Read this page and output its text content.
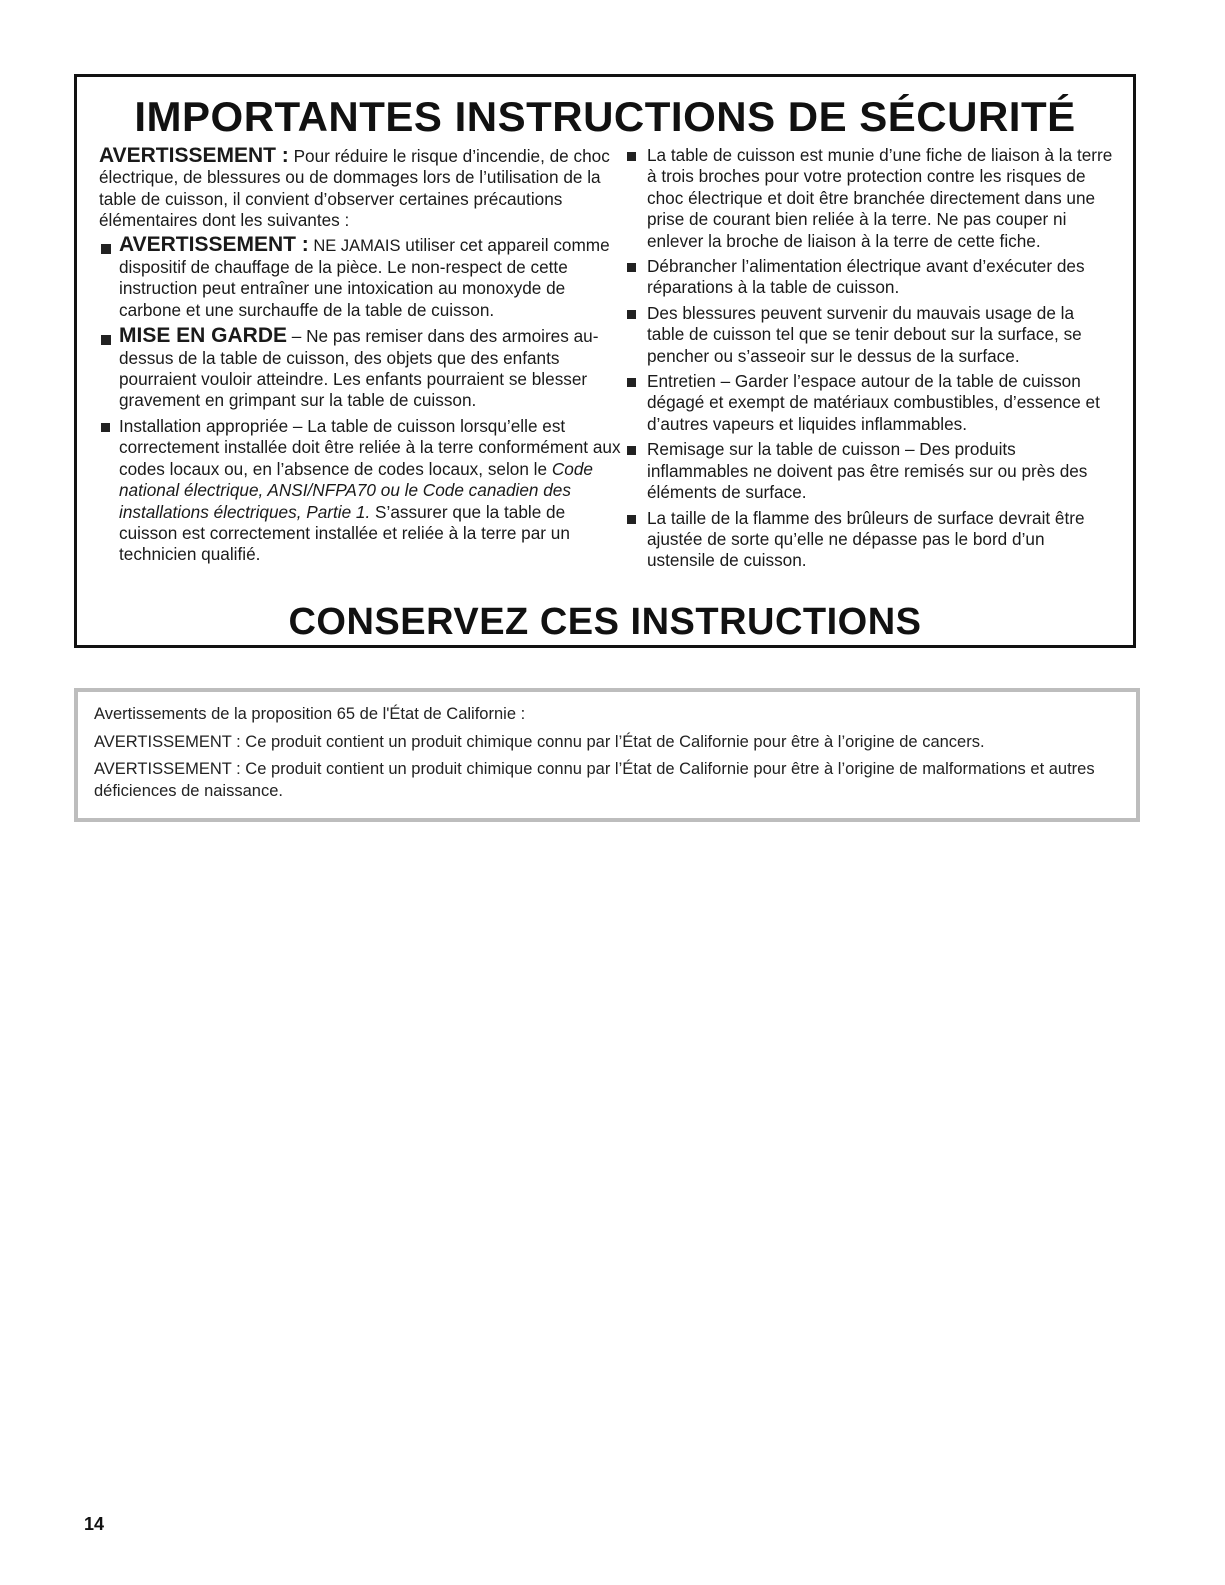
IMPORTANTES INSTRUCTIONS DE SÉCURITÉ

AVERTISSEMENT : Pour réduire le risque d’incendie, de choc électrique, de blessures ou de dommages lors de l’utilisation de la table de cuisson, il convient d’observer certaines précautions élémentaires dont les suivantes :

AVERTISSEMENT : NE JAMAIS utiliser cet appareil comme dispositif de chauffage de la pièce. Le non-respect de cette instruction peut entraîner une intoxication au monoxyde de carbone et une surchauffe de la table de cuisson.
MISE EN GARDE – Ne pas remiser dans des armoires au-dessus de la table de cuisson, des objets que des enfants pourraient vouloir atteindre. Les enfants pourraient se blesser gravement en grimpant sur la table de cuisson.
Installation appropriée – La table de cuisson lorsqu’elle est correctement installée doit être reliée à la terre conformément aux codes locaux ou, en l’absence de codes locaux, selon le Code national électrique, ANSI/NFPA70 ou le Code canadien des installations électriques, Partie 1. S’assurer que la table de cuisson est correctement installée et reliée à la terre par un technicien qualifié.
La table de cuisson est munie d’une fiche de liaison à la terre à trois broches pour votre protection contre les risques de choc électrique et doit être branchée directement dans une prise de courant bien reliée à la terre. Ne pas couper ni enlever la broche de liaison à la terre de cette fiche.
Débrancher l’alimentation électrique avant d’exécuter des réparations à la table de cuisson.
Des blessures peuvent survenir du mauvais usage de la table de cuisson tel que se tenir debout sur la surface, se pencher ou s’asseoir sur le dessus de la surface.
Entretien – Garder l’espace autour de la table de cuisson dégagé et exempt de matériaux combustibles, d’essence et d’autres vapeurs et liquides inflammables.
Remisage sur la table de cuisson – Des produits inflammables ne doivent pas être remisés sur ou près des éléments de surface.
La taille de la flamme des brûleurs de surface devrait être ajustée de sorte qu’elle ne dépasse pas le bord d’un ustensile de cuisson.
CONSERVEZ CES INSTRUCTIONS

Avertissements de la proposition 65 de l'État de Californie :

AVERTISSEMENT : Ce produit contient un produit chimique connu par l’État de Californie pour être à l’origine de cancers.

AVERTISSEMENT : Ce produit contient un produit chimique connu par l’État de Californie pour être à l’origine de malformations et autres déficiences de naissance.

14
